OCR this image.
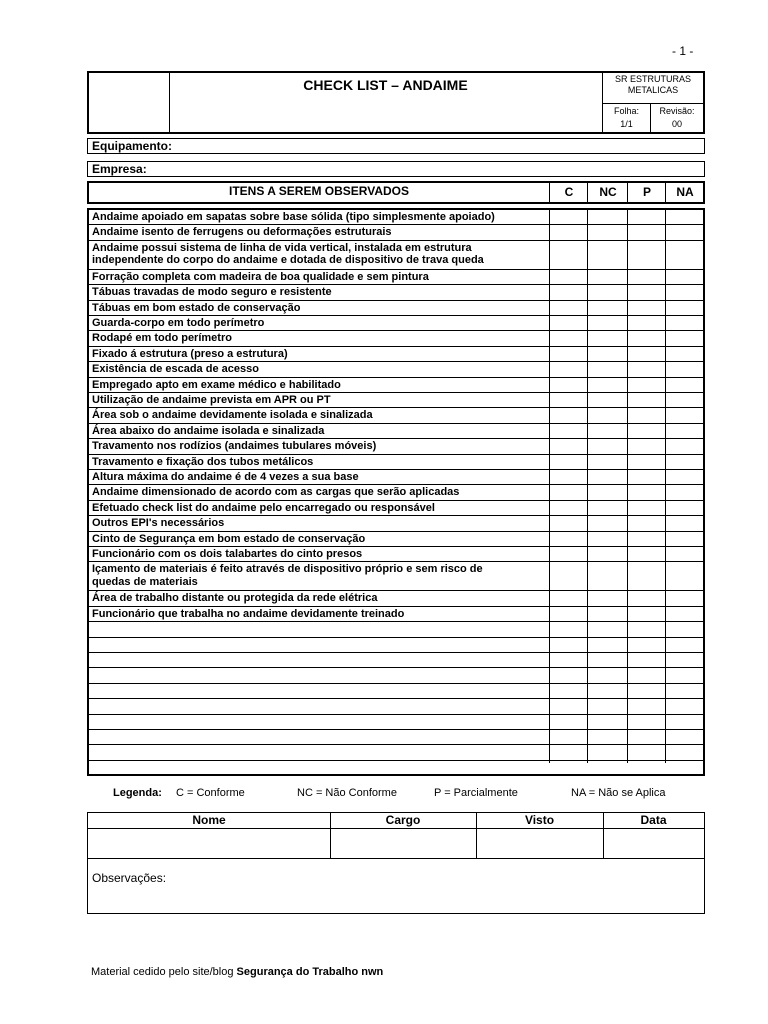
- 1 -
CHECK LIST – ANDAIME	SR ESTRUTURAS METALICAS
Folha:
1/1
Revisão:
00
Equipamento:
Empresa:
ITENS A SEREM OBSERVADOS	C	NC	P	NA
Andaime apoiado em sapatas sobre base sólida (tipo simplesmente apoiado)
Andaime isento de ferrugens ou deformações estruturais
Andaime possui sistema de linha de vida vertical, instalada em estrutura
independente do corpo do andaime e dotada de dispositivo de trava queda
Forração completa com madeira de boa qualidade e sem pintura
Tábuas travadas de modo seguro e resistente
Tábuas em bom estado de conservação
Guarda-corpo em todo perímetro
Rodapé em todo perímetro
Fixado á estrutura (preso a estrutura)
Existência de escada de acesso
Empregado apto em exame médico e habilitado
Utilização de andaime prevista em APR ou PT
Área sob o andaime devidamente isolada e sinalizada
Área abaixo do andaime isolada e sinalizada
Travamento nos rodízios (andaimes tubulares móveis)
Travamento e fixação dos tubos metálicos
Altura máxima do andaime é de 4 vezes a sua base
Andaime dimensionado de acordo com as cargas que serão aplicadas
Efetuado check list do andaime pelo encarregado ou responsável
Outros EPI's necessários
Cinto de Segurança em bom estado de conservação
Funcionário com os dois talabartes do cinto presos
Içamento de materiais é feito através de dispositivo próprio e sem risco de
quedas de materiais
Área de trabalho distante ou protegida da rede elétrica
Funcionário que trabalha no andaime devidamente treinado
Legenda: C = Conforme	NC = Não Conforme	P = Parcialmente	NA = Não se Aplica
Nome	Cargo	Visto	Data
Observações:
Material cedido pelo site/blog Segurança do Trabalho nwn
